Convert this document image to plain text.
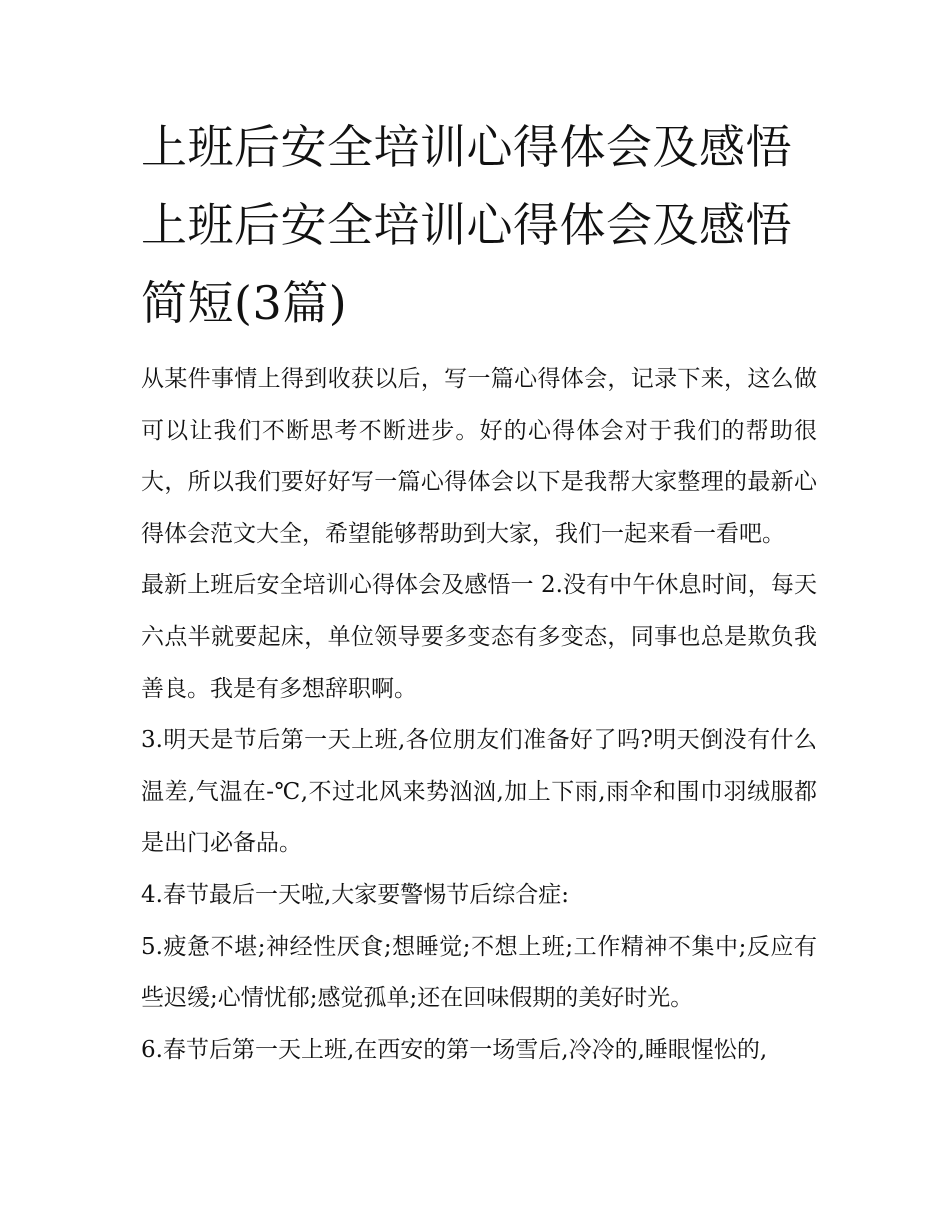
上班后安全培训心得体会及感悟 上班后安全培训心得体会及感悟简短(3篇)

从某件事情上得到收获以后，写一篇心得体会，记录下来，这么做可以让我们不断思考不断进步。好的心得体会对于我们的帮助很大，所以我们要好好写一篇心得体会以下是我帮大家整理的最新心得体会范文大全，希望能够帮助到大家，我们一起来看一看吧。

最新上班后安全培训心得体会及感悟一 2.没有中午休息时间，每天六点半就要起床，单位领导要多变态有多变态，同事也总是欺负我善良。我是有多想辞职啊。

3.明天是节后第一天上班,各位朋友们准备好了吗?明天倒没有什么温差,气温在-℃,不过北风来势汹汹,加上下雨,雨伞和围巾羽绒服都是出门必备品。

4.春节最后一天啦,大家要警惕节后综合症:

5.疲惫不堪;神经性厌食;想睡觉;不想上班;工作精神不集中;反应有些迟缓;心情忧郁;感觉孤单;还在回味假期的美好时光。

6.春节后第一天上班,在西安的第一场雪后,冷冷的,睡眼惺忪的,
